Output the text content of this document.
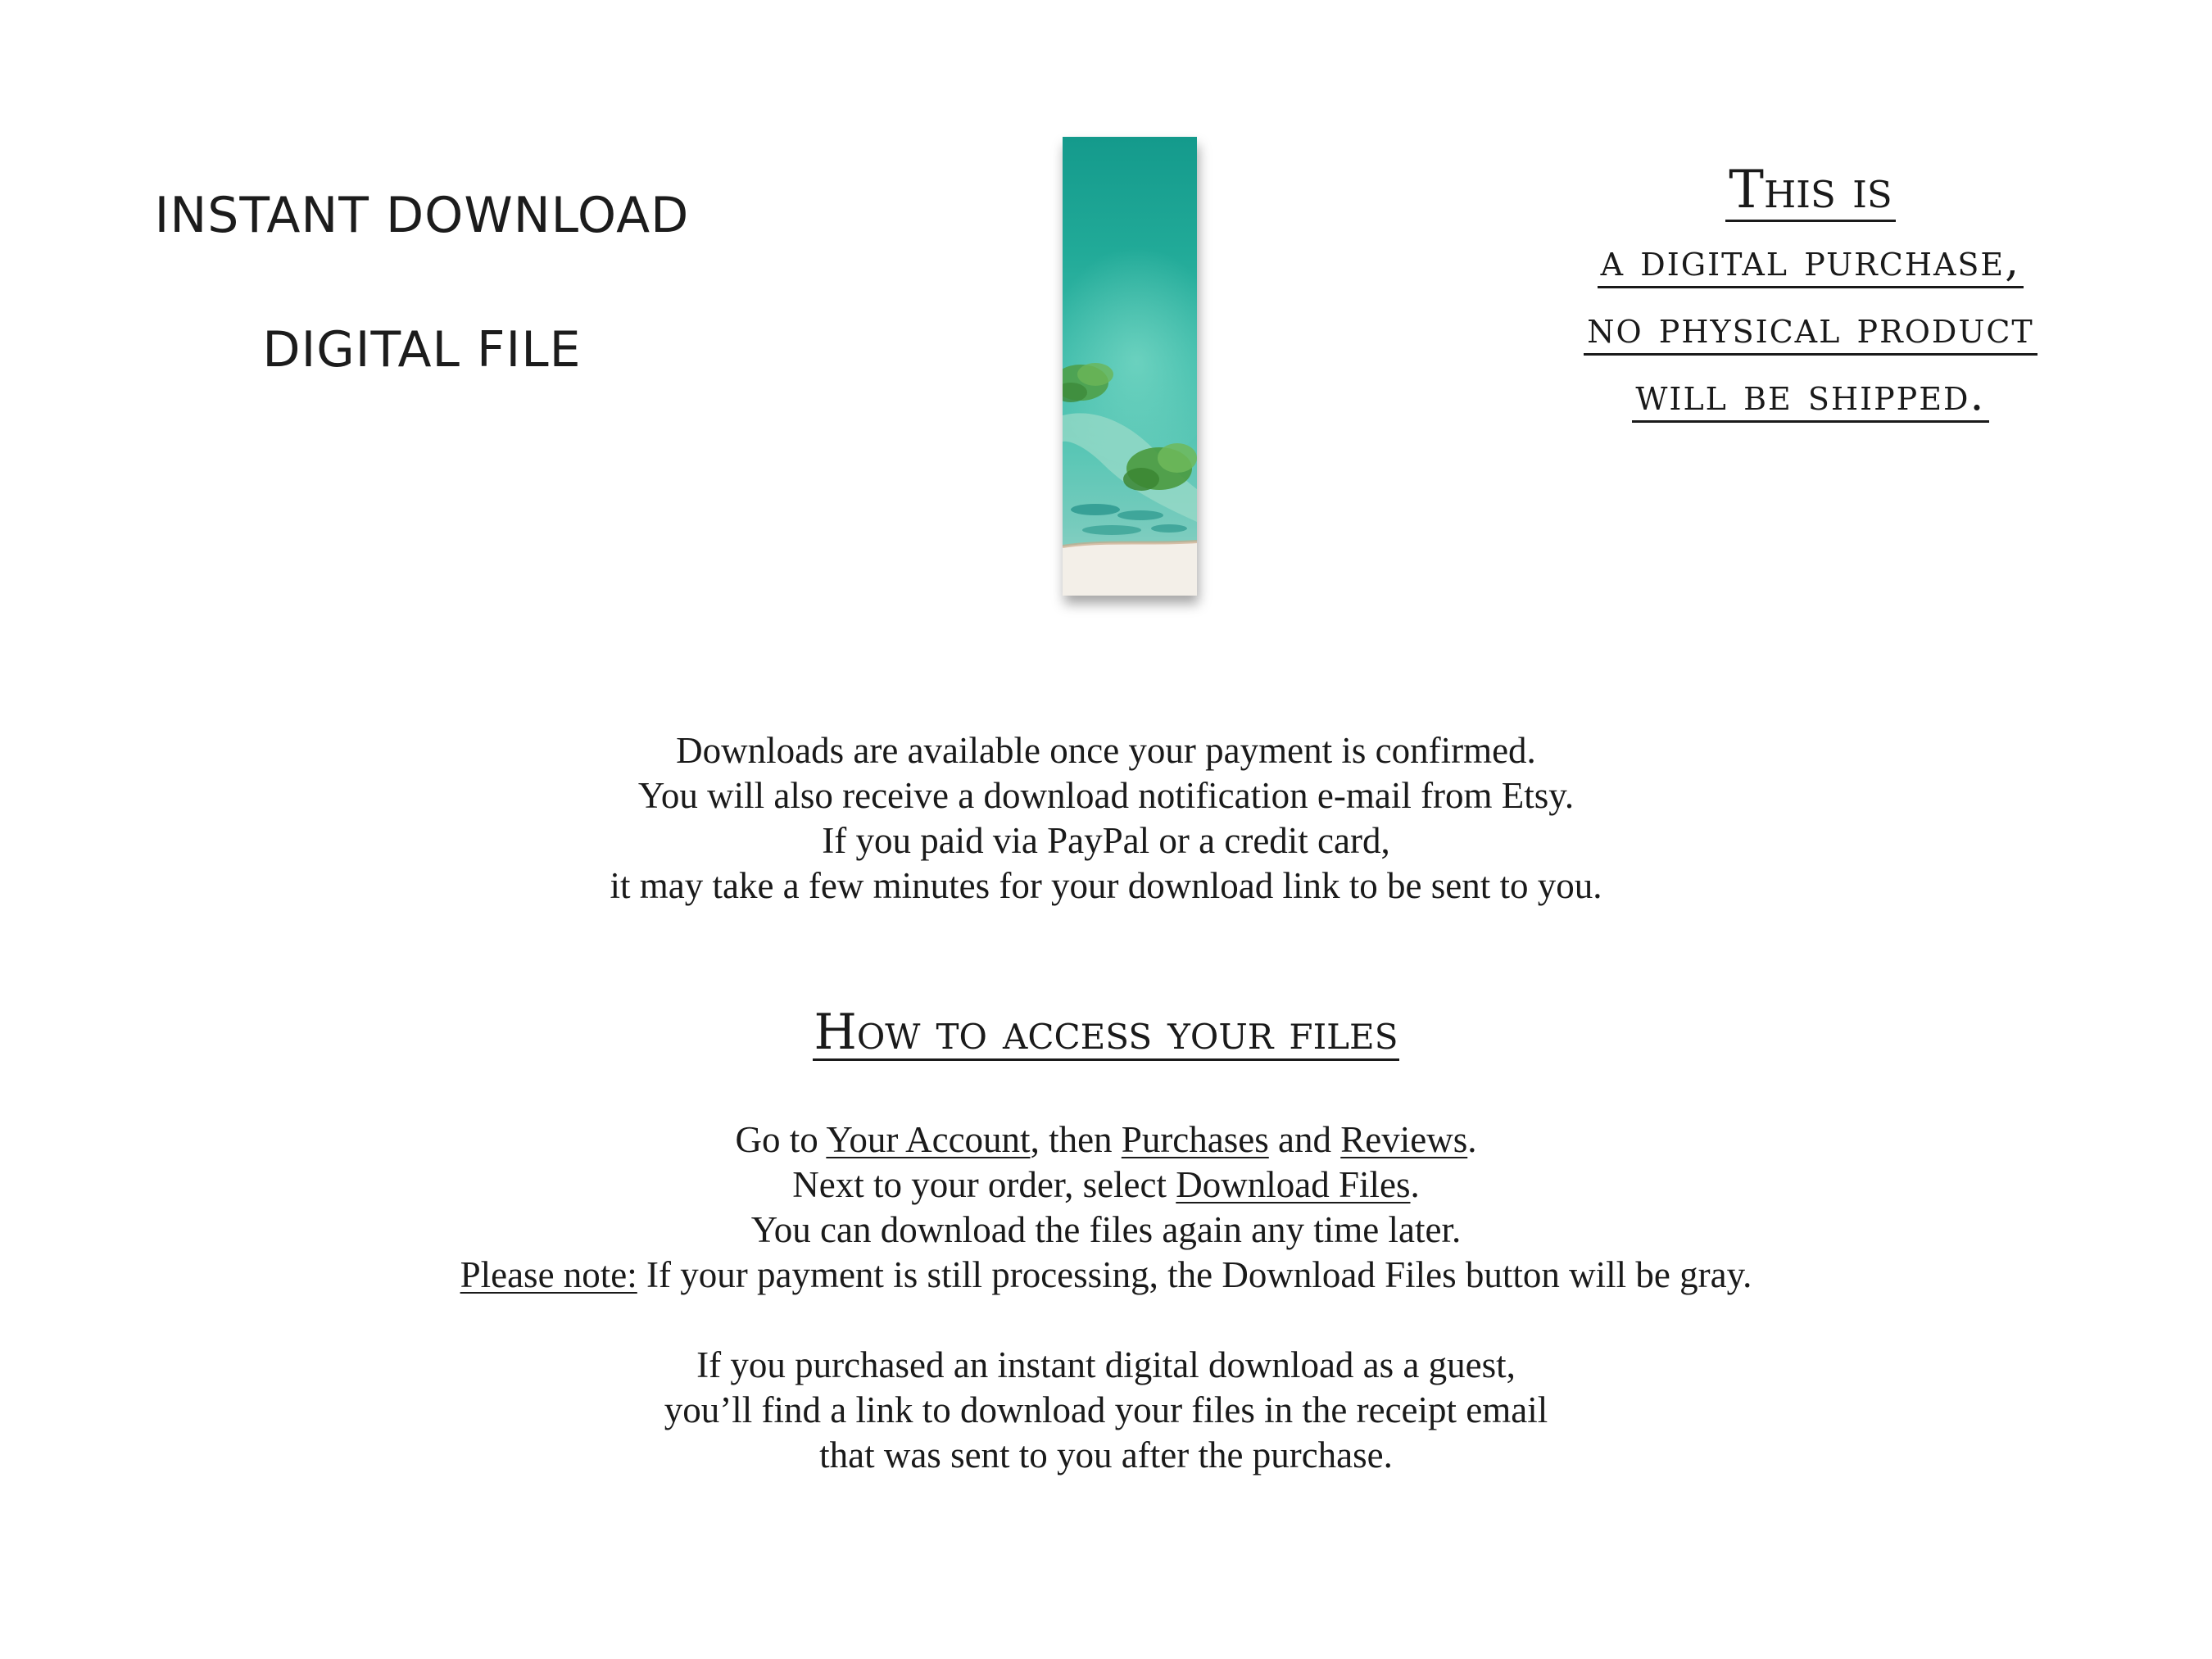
INSTANT DOWNLOAD
DIGITAL FILE
This is
a digital purchase,
no physical product
will be shipped.
Downloads are available once your payment is confirmed.
You will also receive a download notification e-mail from Etsy.
If you paid via PayPal or a credit card,
it may take a few minutes for your download link to be sent to you.
How to access your files
Go to Your Account, then Purchases and Reviews.
Next to your order, select Download Files.
You can download the files again any time later.
Please note: If your payment is still processing, the Download Files button will be gray.
If you purchased an instant digital download as a guest,
you’ll find a link to download your files in the receipt email
that was sent to you after the purchase.
